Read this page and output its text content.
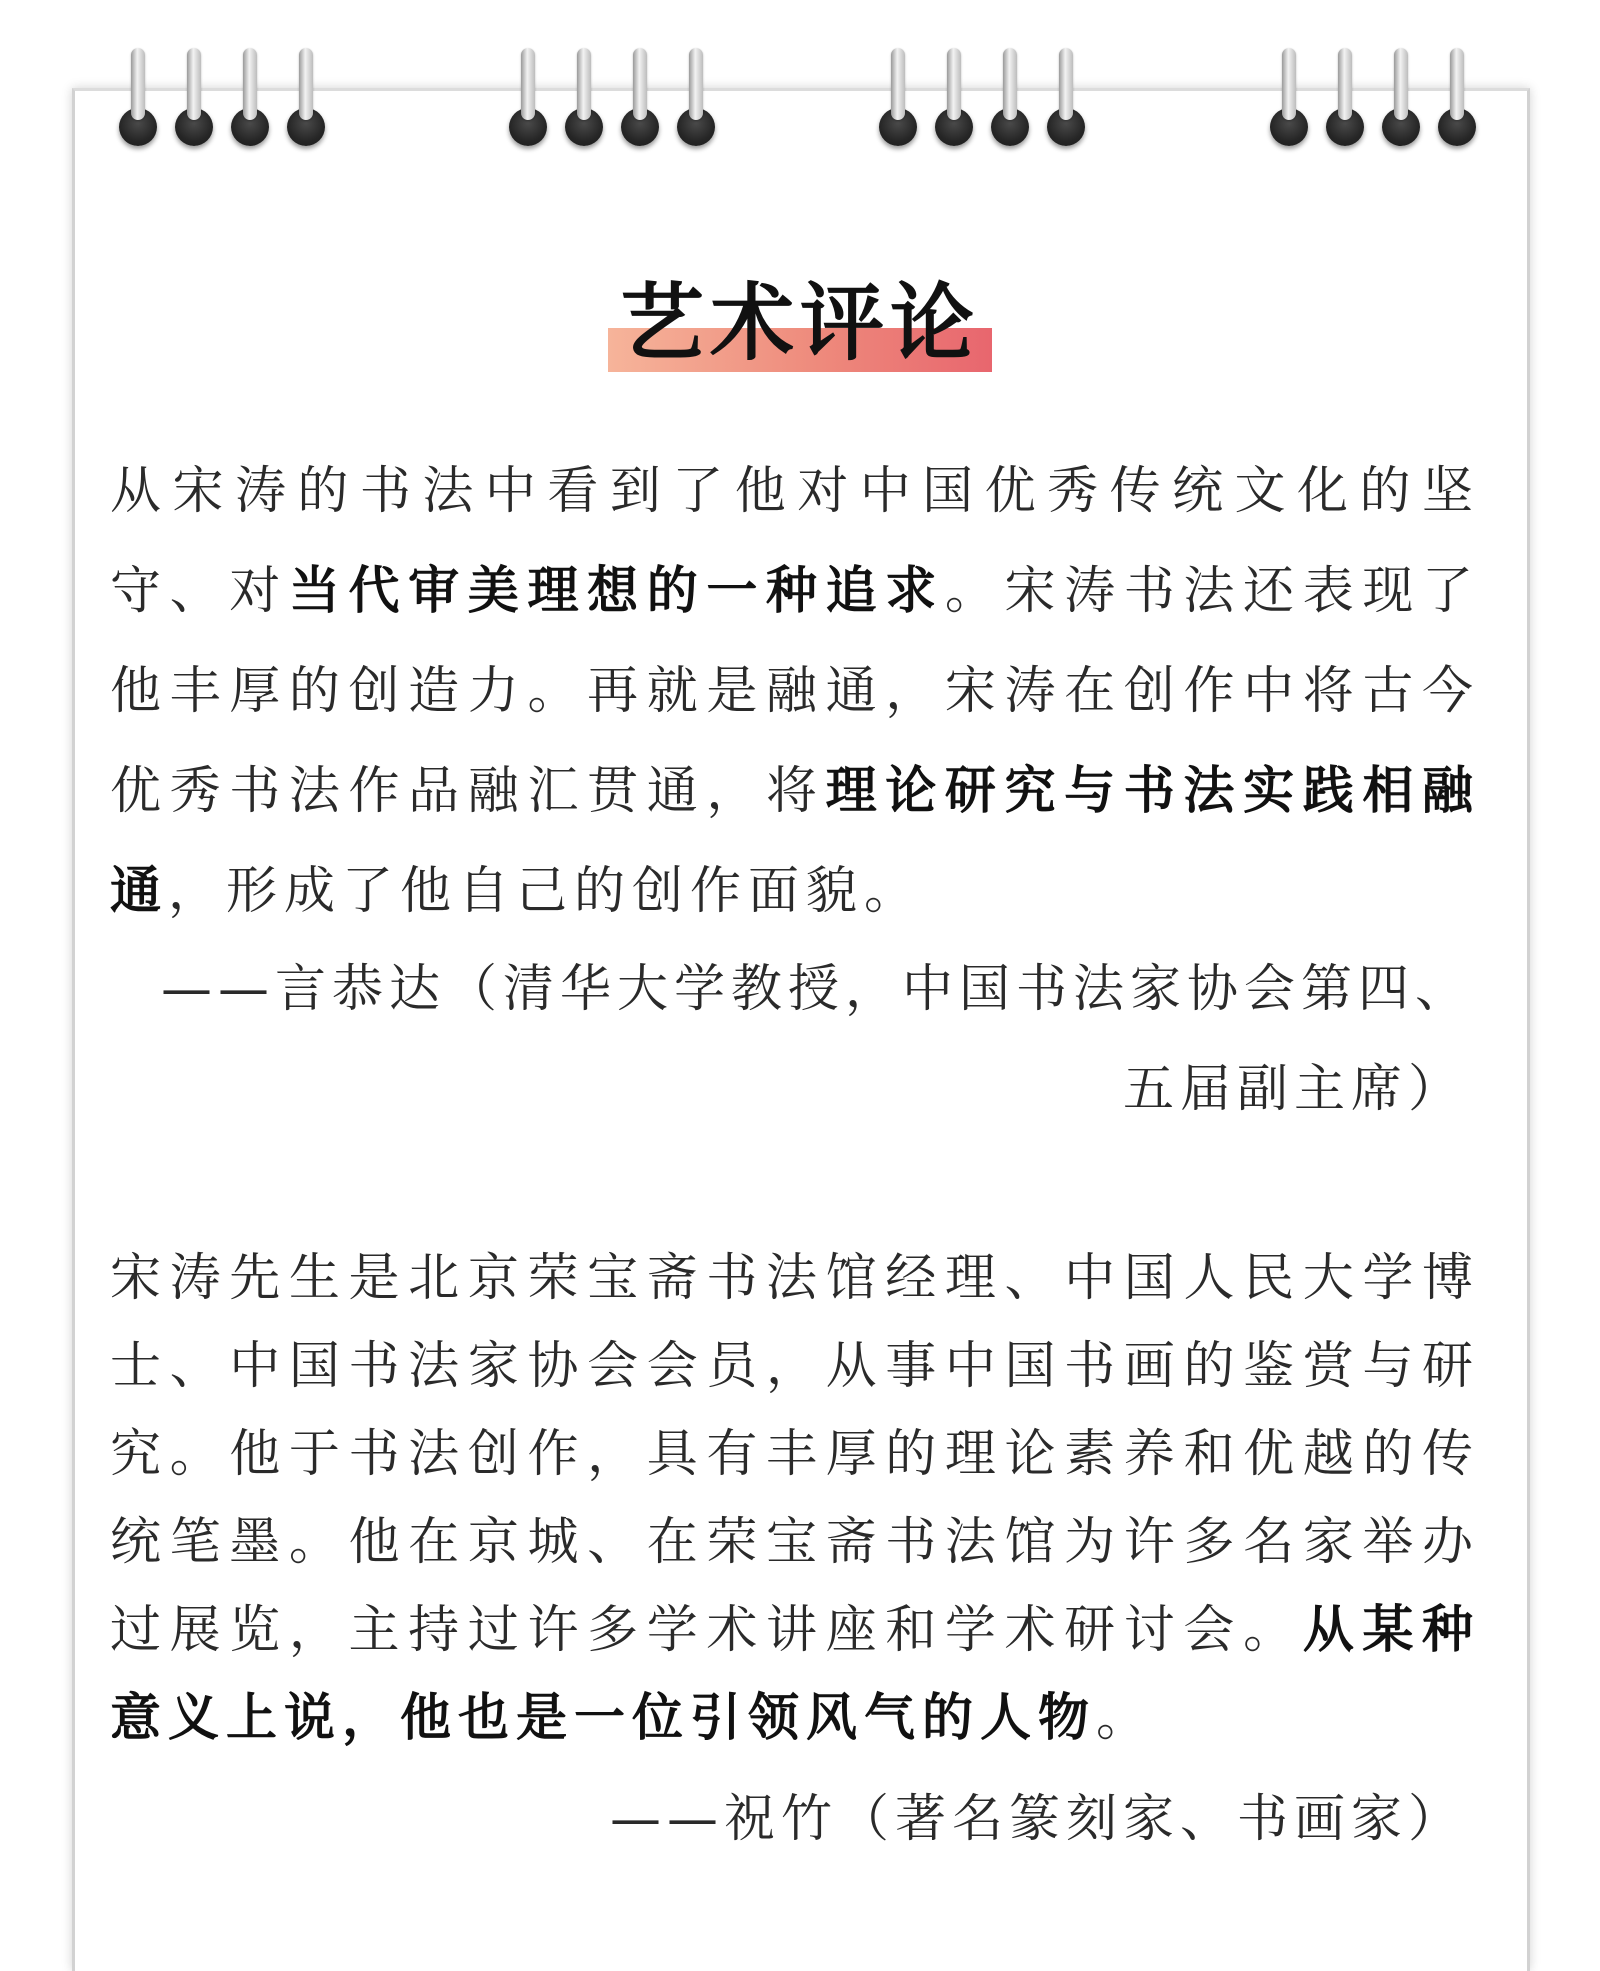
艺术评论
从宋涛的书法中看到了他对中国优秀传统文化的坚守、对当代审美理想的一种追求。宋涛书法还表现了他丰厚的创造力。再就是融通，宋涛在创作中将古今优秀书法作品融汇贯通，将理论研究与书法实践相融通，形成了他自己的创作面貌。
——言恭达（清华大学教授，中国书法家协会第四、
五届副主席）
宋涛先生是北京荣宝斋书法馆经理、中国人民大学博士、中国书法家协会会员，从事中国书画的鉴赏与研究。他于书法创作，具有丰厚的理论素养和优越的传统笔墨。他在京城、在荣宝斋书法馆为许多名家举办过展览，主持过许多学术讲座和学术研讨会。从某种意义上说，他也是一位引领风气的人物。
——祝竹（著名篆刻家、书画家）
